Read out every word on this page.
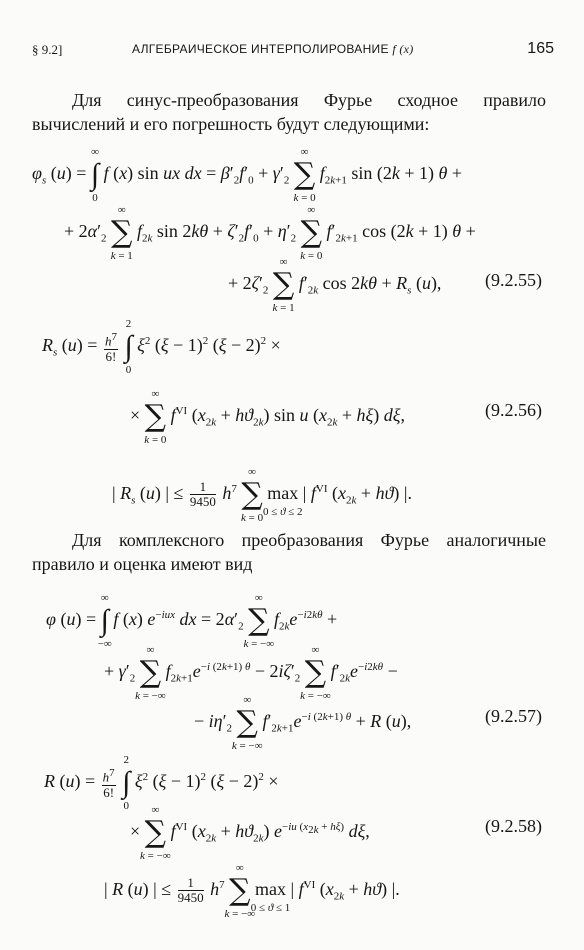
§ 9.2]	АЛГЕБРАИЧЕСКОЕ ИНТЕРПОЛИРОВАНИЕ f (x)	165
Для синус-преобразования Фурье сходное правило вычислений и его погрешность будут следующими:
$\varphi_s$ (u) = ∫
∞
0
f (x) sin ux dx = $\beta'_2f'_0 + \gamma'_2$ ∑
∞
k = 0
$f_{2k+1}$ sin (2k + 1) θ +
+ $2\alpha'_2$ ∑
∞
k = 1
$f_{2k}$ $\sin 2k\theta + \zeta'_2f'_0 + \eta'_2$ ∑
∞
k = 0
$f'_{2k+1}$ cos (2k + 1) θ +
+ $2\zeta'_2$ ∑
∞
k = 1
$f'_{2k}$ $\cos 2k\theta + R_s$ (u), (9.2.55)
$R_s$ $(u) = \frac{h^7}{6!}$ ∫
2
0
$\xi^2$ $(\xi - 1)^2$ $(\xi - 2)^2$ ×
× ∑
∞
k = 0
$f^{VI}$ $(x_{2k} + hϑ_{2k})$ sin u $(x_{2k} + h\xi)$ dξ,	(9.2.56)
| $R_s$ (u) | ≤ $\frac{1}{9450} h^7$ ∑
∞
k = 0
max
0 ≤ ϑ ≤ 2
| $f^{VI}$ $(x_{2k} + hϑ)$ |.
Для комплексного преобразования Фурье аналогичные правило и оценка имеют вид
φ (u) = ∫
∞
−∞
f (x) $e^{-iux}$ dx = $2\alpha'_2$ ∑
∞
k = −∞
$f_{2k}e^{-i2k\theta}$ +
+ $\gamma'_2$ ∑
∞
k = −∞
$f_{2k+1}e^{-i (2k+1) \theta} - 2i\zeta'_2$ ∑
∞
k = −∞
$f'_{2k}e^{-i2k\theta}$ −
− $i\eta'_2$ ∑
∞
k = −∞
$f'_{2k+1}e^{-i (2k+1) \theta} + R$ (u),	(9.2.57)
R $(u) = \frac{h^7}{6!}$ ∫
2
0
$\xi^2$ $(\xi - 1)^2$ $(\xi - 2)^2$ ×
× ∑
∞
k = −∞
$f^{VI}$ $(x_{2k} + hϑ_{2k})$ $e^{-iu (x_{2k} + h\xi)}$ dξ,	(9.2.58)
| R (u) | ≤ $\frac{1}{9450} h^7$ ∑
∞
k = −∞
max
0 ≤ ϑ ≤ 1
| $f^{VI}$ $(x_{2k} + hϑ)$ |.
